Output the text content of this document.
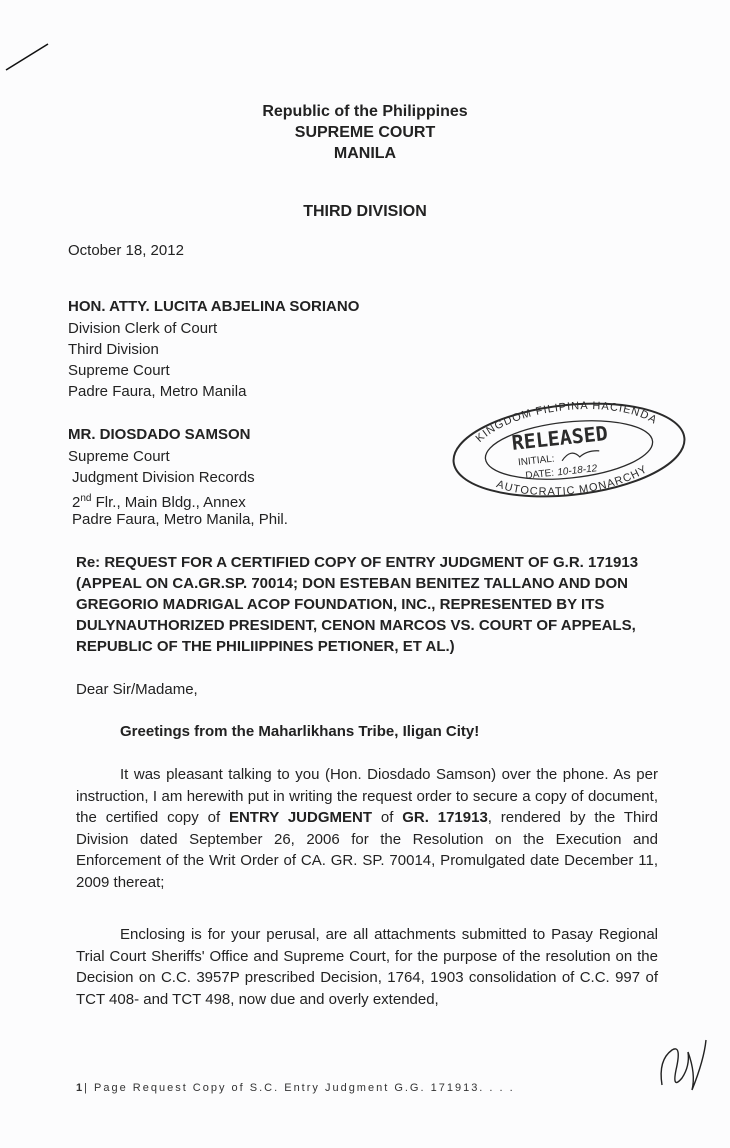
Republic of the Philippines
SUPREME COURT
MANILA
THIRD DIVISION
October 18, 2012
HON. ATTY. LUCITA ABJELINA SORIANO
Division Clerk of Court
Third Division
Supreme Court
Padre Faura, Metro Manila
MR. DIOSDADO SAMSON
Supreme Court
Judgment Division Records
2nd Flr., Main Bldg., Annex
Padre Faura, Metro Manila, Phil.
KINGDOM FILIPINA HACIENDA
AUTOCRATIC MONARCHY
RELEASED
INITIAL:
DATE: 10-18-12
Re: REQUEST FOR A CERTIFIED COPY OF ENTRY JUDGMENT OF G.R. 171913
(APPEAL ON CA.GR.SP. 70014; DON ESTEBAN BENITEZ TALLANO AND DON
GREGORIO MADRIGAL ACOP FOUNDATION, INC., REPRESENTED BY ITS
DULYNAUTHORIZED PRESIDENT, CENON MARCOS VS. COURT OF APPEALS,
REPUBLIC OF THE PHILIIPPINES PETIONER, ET AL.)
Dear Sir/Madame,
Greetings from the Maharlikhans Tribe, Iligan City!

It was pleasant talking to you (Hon. Diosdado Samson) over the phone. As per instruction, I am herewith put in writing the request order to secure a copy of document, the certified copy of ENTRY JUDGMENT of GR. 171913, rendered by the Third Division dated September 26, 2006 for the Resolution on the Execution and Enforcement of the Writ Order of CA. GR. SP. 70014, Promulgated date December 11, 2009 thereat;

Enclosing is for your perusal, are all attachments submitted to Pasay Regional Trial Court Sheriffs' Office and Supreme Court, for the purpose of the resolution on the Decision on C.C. 3957P prescribed Decision, 1764, 1903 consolidation of C.C. 997 of TCT 408- and TCT 498, now due and overly extended,

1| Page Request Copy of S.C. Entry Judgment G.G. 171913. . . .
